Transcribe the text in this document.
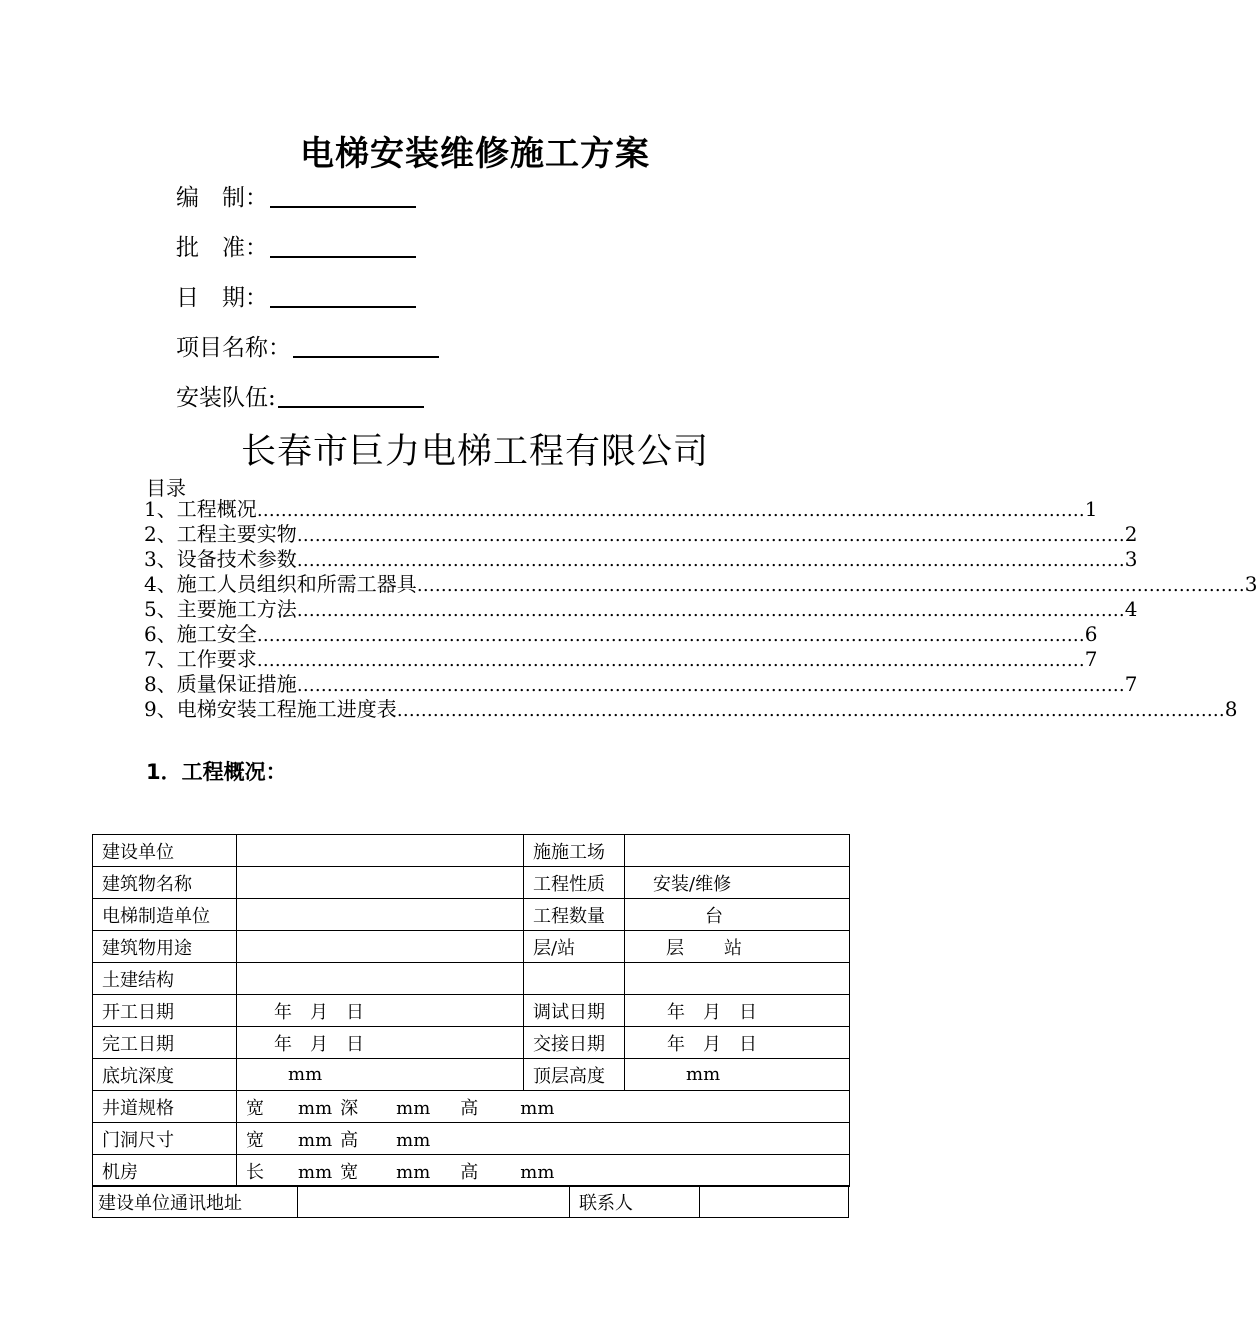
电梯安装维修施工方案
编　制：
批　准：
日　期：
项目名称：
安装队伍:
长春市巨力电梯工程有限公司
目录
1、工程概况 ………………………………………………………………………………………………………………………… 1
2、工程主要实物 ………………………………………………………………………………………………………………………… 2
3、设备技术参数 ………………………………………………………………………………………………………………………… 3
4、施工人员组织和所需工器具 ………………………………………………………………………………………………………………………… 3
5、主要施工方法 ………………………………………………………………………………………………………………………… 4
6、施工安全 ………………………………………………………………………………………………………………………… 6
7、工作要求 ………………………………………………………………………………………………………………………… 7
8、质量保证措施 ………………………………………………………………………………………………………………………… 7
9、电梯安装工程施工进度表 ………………………………………………………………………………………………………………………… 8
1．工程概况：
建设单位		施施工场	
建筑物名称		工程性质	安装/维修
电梯制造单位		工程数量	台
建筑物用途		层/站	层 站
土建结构			
开工日期	年　月　日	调试日期	年　月　日
完工日期	年　月　日	交接日期	年　月　日
底坑深度	mm	顶层高度	mm
井道规格	宽 mm 深 mm 高 mm		
门洞尺寸	宽 mm 高 mm		
机房	长 mm 宽 mm 高 mm		
建设单位通讯地址		联系人	
